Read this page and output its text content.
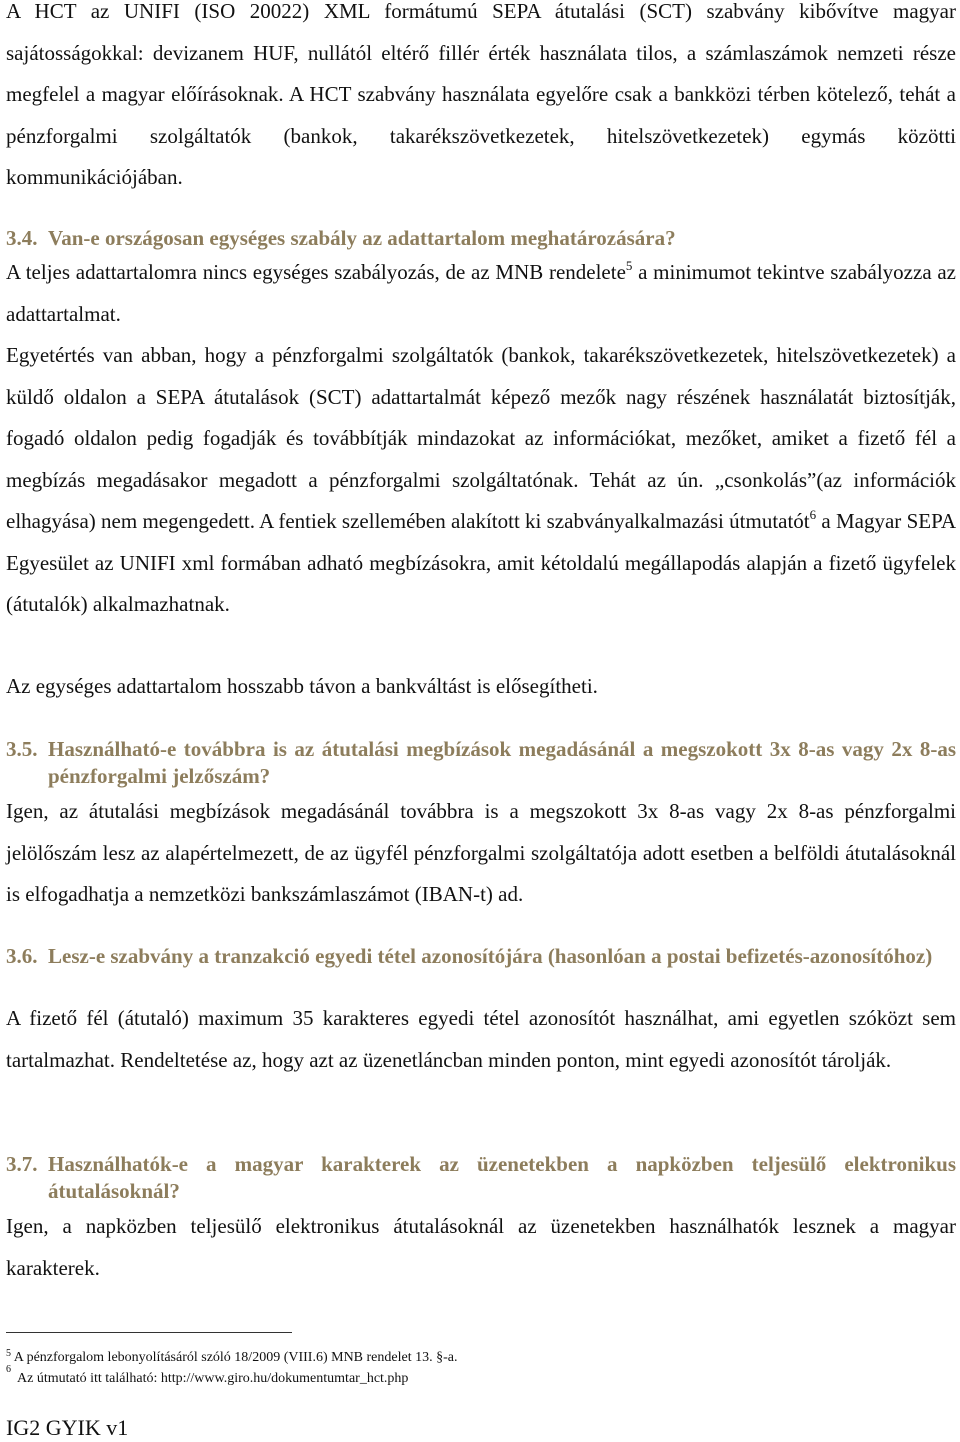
A HCT az UNIFI (ISO 20022) XML formátumú SEPA átutalási (SCT) szabvány kibővítve magyar sajátosságokkal: devizanem HUF, nullától eltérő fillér érték használata tilos, a számlaszámok nemzeti része megfelel a magyar előírásoknak. A HCT szabvány használata egyelőre csak a bankközi térben kötelező, tehát a pénzforgalmi szolgáltatók (bankok, takarékszövetkezetek, hitelszövetkezetek) egymás közötti kommunikációjában.

3.4. Van-e országosan egységes szabály az adattartalom meghatározására?

A teljes adattartalomra nincs egységes szabályozás, de az MNB rendelete$^5$ a minimumot tekintve szabályozza az adattartalmat.

Egyetértés van abban, hogy a pénzforgalmi szolgáltatók (bankok, takarékszövetkezetek, hitelszövetkezetek) a küldő oldalon a SEPA átutalások (SCT) adattartalmát képező mezők nagy részének használatát biztosítják, fogadó oldalon pedig fogadják és továbbítják mindazokat az információkat, mezőket, amiket a fizető fél a megbízás megadásakor megadott a pénzforgalmi szolgáltatónak. Tehát az ún. „csonkolás”(az információk elhagyása) nem megengedett. A fentiek szellemében alakított ki szabványalkalmazási útmutatót$^6$ a Magyar SEPA Egyesület az UNIFI xml formában adható megbízásokra, amit kétoldalú megállapodás alapján a fizető ügyfelek (átutalók) alkalmazhatnak.

Az egységes adattartalom hosszabb távon a bankváltást is elősegítheti.

3.5. Használható-e továbbra is az átutalási megbízások megadásánál a megszokott 3x 8-as vagy 2x 8-as pénzforgalmi jelzőszám?

Igen, az átutalási megbízások megadásánál továbbra is a megszokott 3x 8-as vagy 2x 8-as pénzforgalmi jelölőszám lesz az alapértelmezett, de az ügyfél pénzforgalmi szolgáltatója adott esetben a belföldi átutalásoknál is elfogadhatja a nemzetközi bankszámlaszámot (IBAN-t) ad.

3.6. Lesz-e szabvány a tranzakció egyedi tétel azonosítójára (hasonlóan a postai befizetés-azonosítóhoz)

A fizető fél (átutaló) maximum 35 karakteres egyedi tétel azonosítót használhat, ami egyetlen szóközt sem tartalmazhat. Rendeltetése az, hogy azt az üzenetláncban minden ponton, mint egyedi azonosítót tárolják.

3.7. Használhatók-e a magyar karakterek az üzenetekben a napközben teljesülő elektronikus átutalásoknál?

Igen, a napközben teljesülő elektronikus átutalásoknál az üzenetekben használhatók lesznek a magyar karakterek.

$^5$ A pénzforgalom lebonyolításáról szóló 18/2009 (VIII.6) MNB rendelet 13. §-a.
$^6$Az útmutató itt található: http://www.giro.hu/dokumentumtar_hct.php
IG2 GYIK v1
